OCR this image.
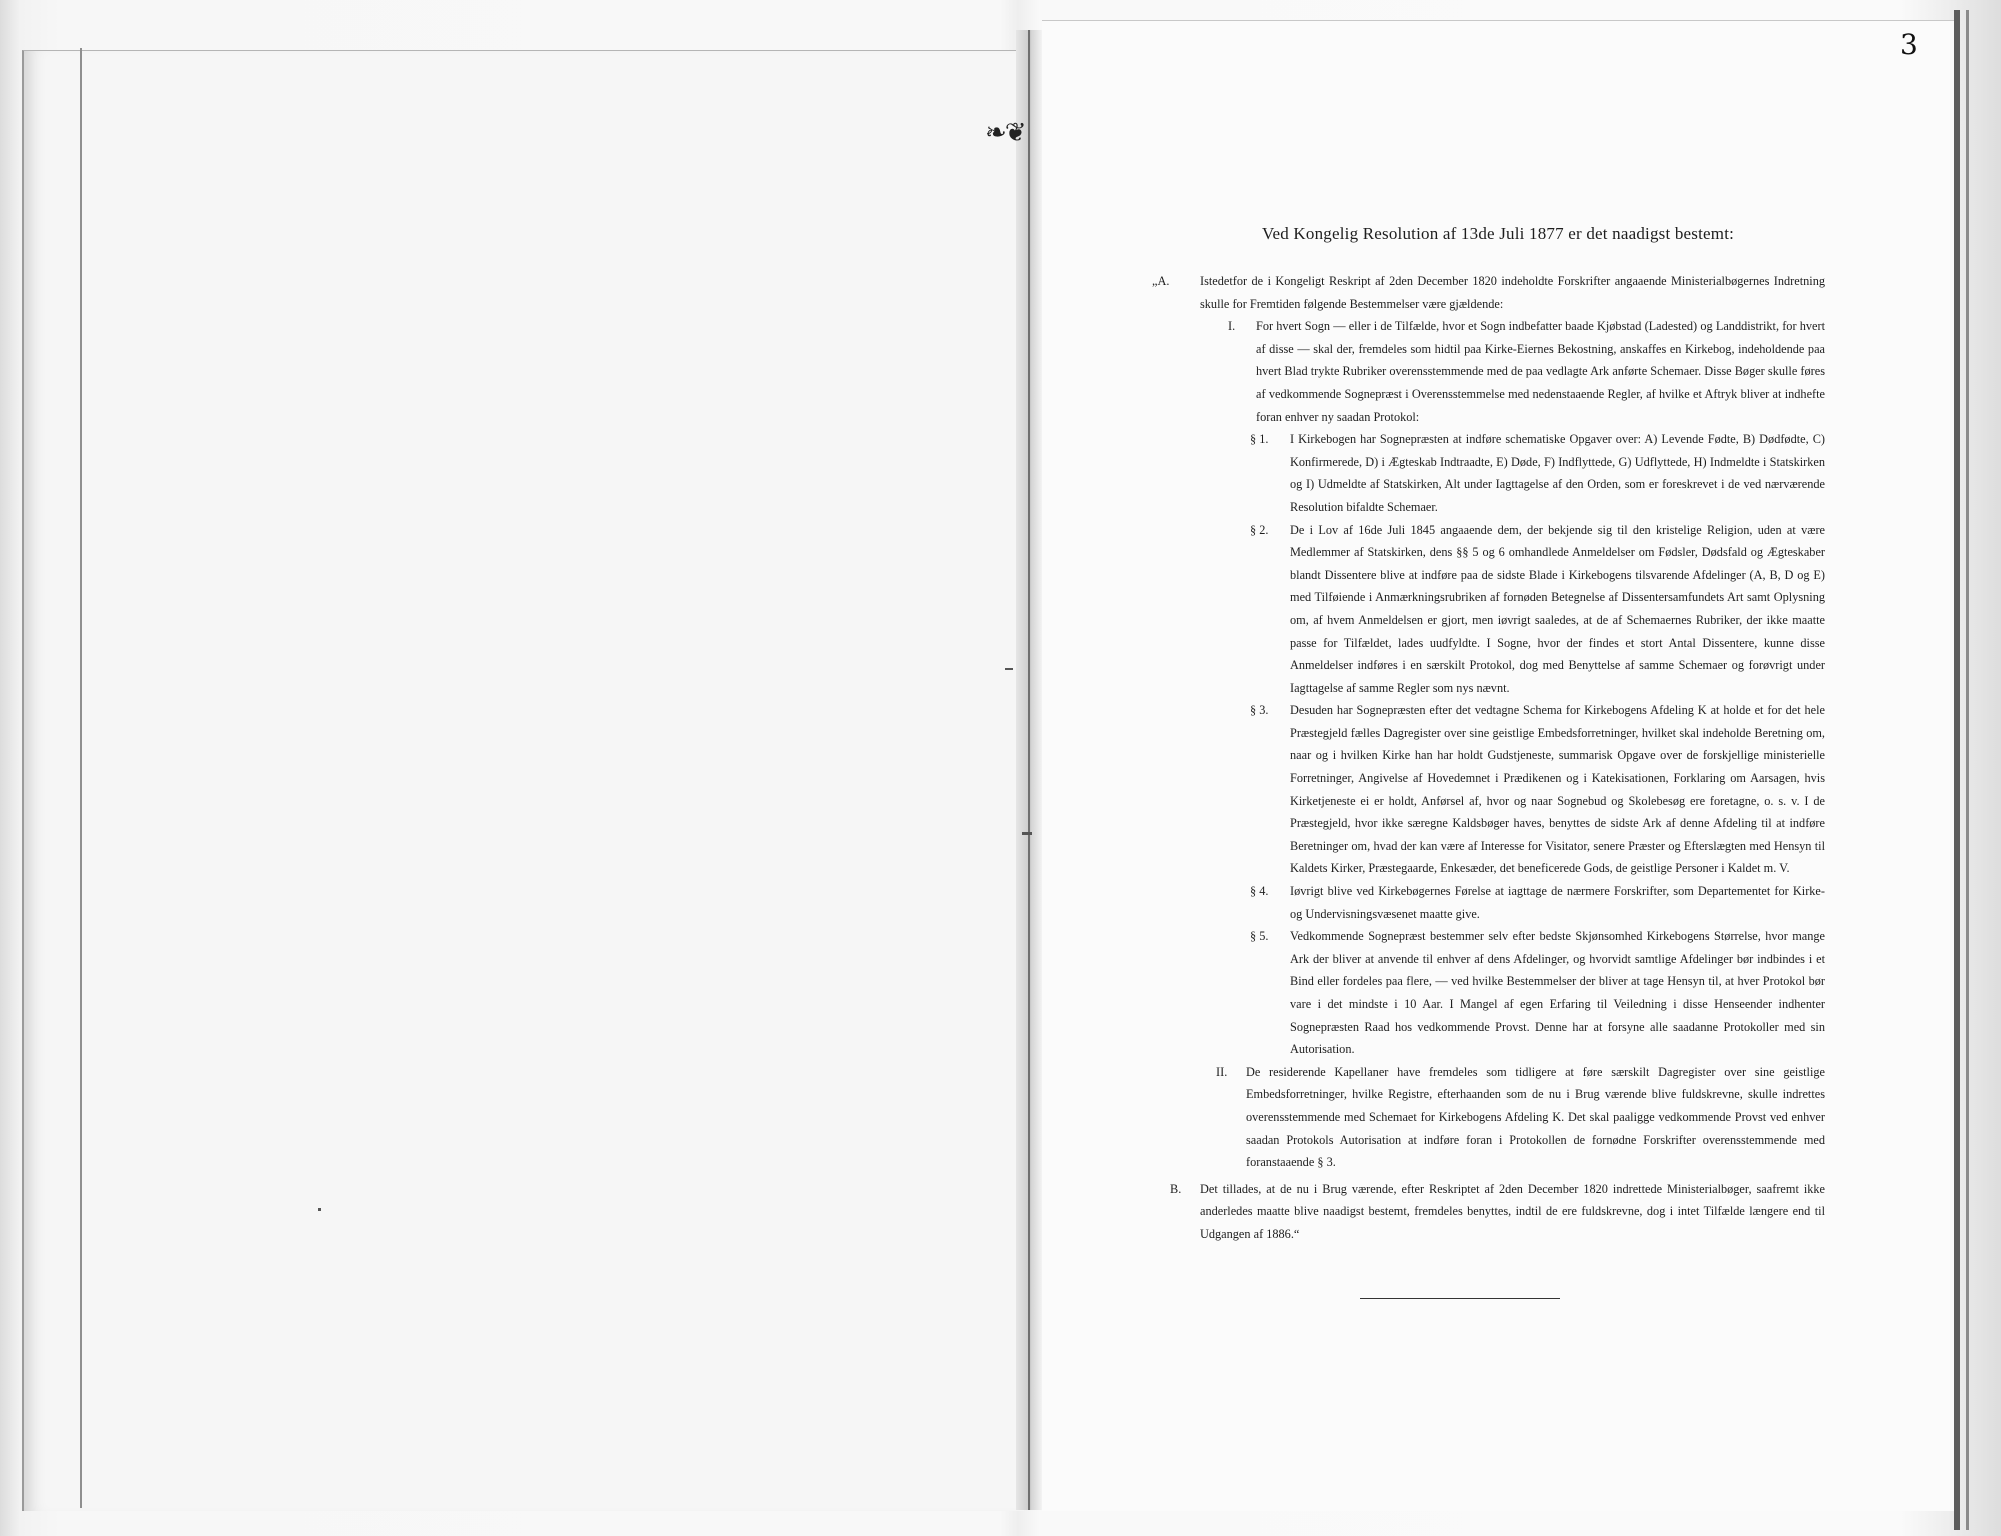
❧❦
3
Ved Kongelig Resolution af 13de Juli 1877 er det naadigst bestemt:
„A. Istedetfor de i Kongeligt Reskript af 2den December 1820 indeholdte Forskrifter angaaende Ministerialbøgernes Indretning skulle for Fremtiden følgende Bestemmelser være gjældende:
I. For hvert Sogn — eller i de Tilfælde, hvor et Sogn indbefatter baade Kjøbstad (Ladested) og Landdistrikt, for hvert af disse — skal der, fremdeles som hidtil paa Kirke-Eiernes Bekostning, anskaffes en Kirkebog, indeholdende paa hvert Blad trykte Rubriker overensstemmende med de paa vedlagte Ark anførte Schemaer. Disse Bøger skulle føres af vedkommende Sognepræst i Overensstemmelse med nedenstaaende Regler, af hvilke et Aftryk bliver at indhefte foran enhver ny saadan Protokol:
§ 1. I Kirkebogen har Sognepræsten at indføre schematiske Opgaver over: A) Levende Fødte, B) Dødfødte, C) Konfirmerede, D) i Ægteskab Indtraadte, E) Døde, F) Indflyttede, G) Udflyttede, H) Indmeldte i Statskirken og I) Udmeldte af Statskirken, Alt under Iagttagelse af den Orden, som er foreskrevet i de ved nærværende Resolution bifaldte Schemaer.
§ 2. De i Lov af 16de Juli 1845 angaaende dem, der bekjende sig til den kristelige Religion, uden at være Medlemmer af Statskirken, dens §§ 5 og 6 omhandlede Anmeldelser om Fødsler, Dødsfald og Ægteskaber blandt Dissentere blive at indføre paa de sidste Blade i Kirkebogens tilsvarende Afdelinger (A, B, D og E) med Tilføiende i Anmærkningsrubriken af fornøden Betegnelse af Dissentersamfundets Art samt Oplysning om, af hvem Anmeldelsen er gjort, men iøvrigt saaledes, at de af Schemaernes Rubriker, der ikke maatte passe for Tilfældet, lades uudfyldte. I Sogne, hvor der findes et stort Antal Dissentere, kunne disse Anmeldelser indføres i en særskilt Protokol, dog med Benyttelse af samme Schemaer og forøvrigt under Iagttagelse af samme Regler som nys nævnt.
§ 3. Desuden har Sognepræsten efter det vedtagne Schema for Kirkebogens Afdeling K at holde et for det hele Præstegjeld fælles Dagregister over sine geistlige Embedsforretninger, hvilket skal indeholde Beretning om, naar og i hvilken Kirke han har holdt Gudstjeneste, summarisk Opgave over de forskjellige ministerielle Forretninger, Angivelse af Hovedemnet i Prædikenen og i Katekisationen, Forklaring om Aarsagen, hvis Kirketjeneste ei er holdt, Anførsel af, hvor og naar Sognebud og Skolebesøg ere foretagne, o. s. v. I de Præstegjeld, hvor ikke særegne Kaldsbøger haves, benyttes de sidste Ark af denne Afdeling til at indføre Beretninger om, hvad der kan være af Interesse for Visitator, senere Præster og Efterslægten med Hensyn til Kaldets Kirker, Præstegaarde, Enkesæder, det beneficerede Gods, de geistlige Personer i Kaldet m. V.
§ 4. Iøvrigt blive ved Kirkebøgernes Førelse at iagttage de nærmere Forskrifter, som Departementet for Kirke- og Undervisningsvæsenet maatte give.
§ 5. Vedkommende Sognepræst bestemmer selv efter bedste Skjønsomhed Kirkebogens Størrelse, hvor mange Ark der bliver at anvende til enhver af dens Afdelinger, og hvorvidt samtlige Afdelinger bør indbindes i et Bind eller fordeles paa flere, — ved hvilke Bestemmelser der bliver at tage Hensyn til, at hver Protokol bør vare i det mindste i 10 Aar. I Mangel af egen Erfaring til Veiledning i disse Henseender indhenter Sognepræsten Raad hos vedkommende Provst. Denne har at forsyne alle saadanne Protokoller med sin Autorisation.
II. De residerende Kapellaner have fremdeles som tidligere at føre særskilt Dagregister over sine geistlige Embedsforretninger, hvilke Registre, efterhaanden som de nu i Brug værende blive fuldskrevne, skulle indrettes overensstemmende med Schemaet for Kirkebogens Afdeling K. Det skal paaligge vedkommende Provst ved enhver saadan Protokols Autorisation at indføre foran i Protokollen de fornødne Forskrifter overensstemmende med foranstaaende § 3.
B. Det tillades, at de nu i Brug værende, efter Reskriptet af 2den December 1820 indrettede Ministerialbøger, saafremt ikke anderledes maatte blive naadigst bestemt, fremdeles benyttes, indtil de ere fuldskrevne, dog i intet Tilfælde længere end til Udgangen af 1886.“
